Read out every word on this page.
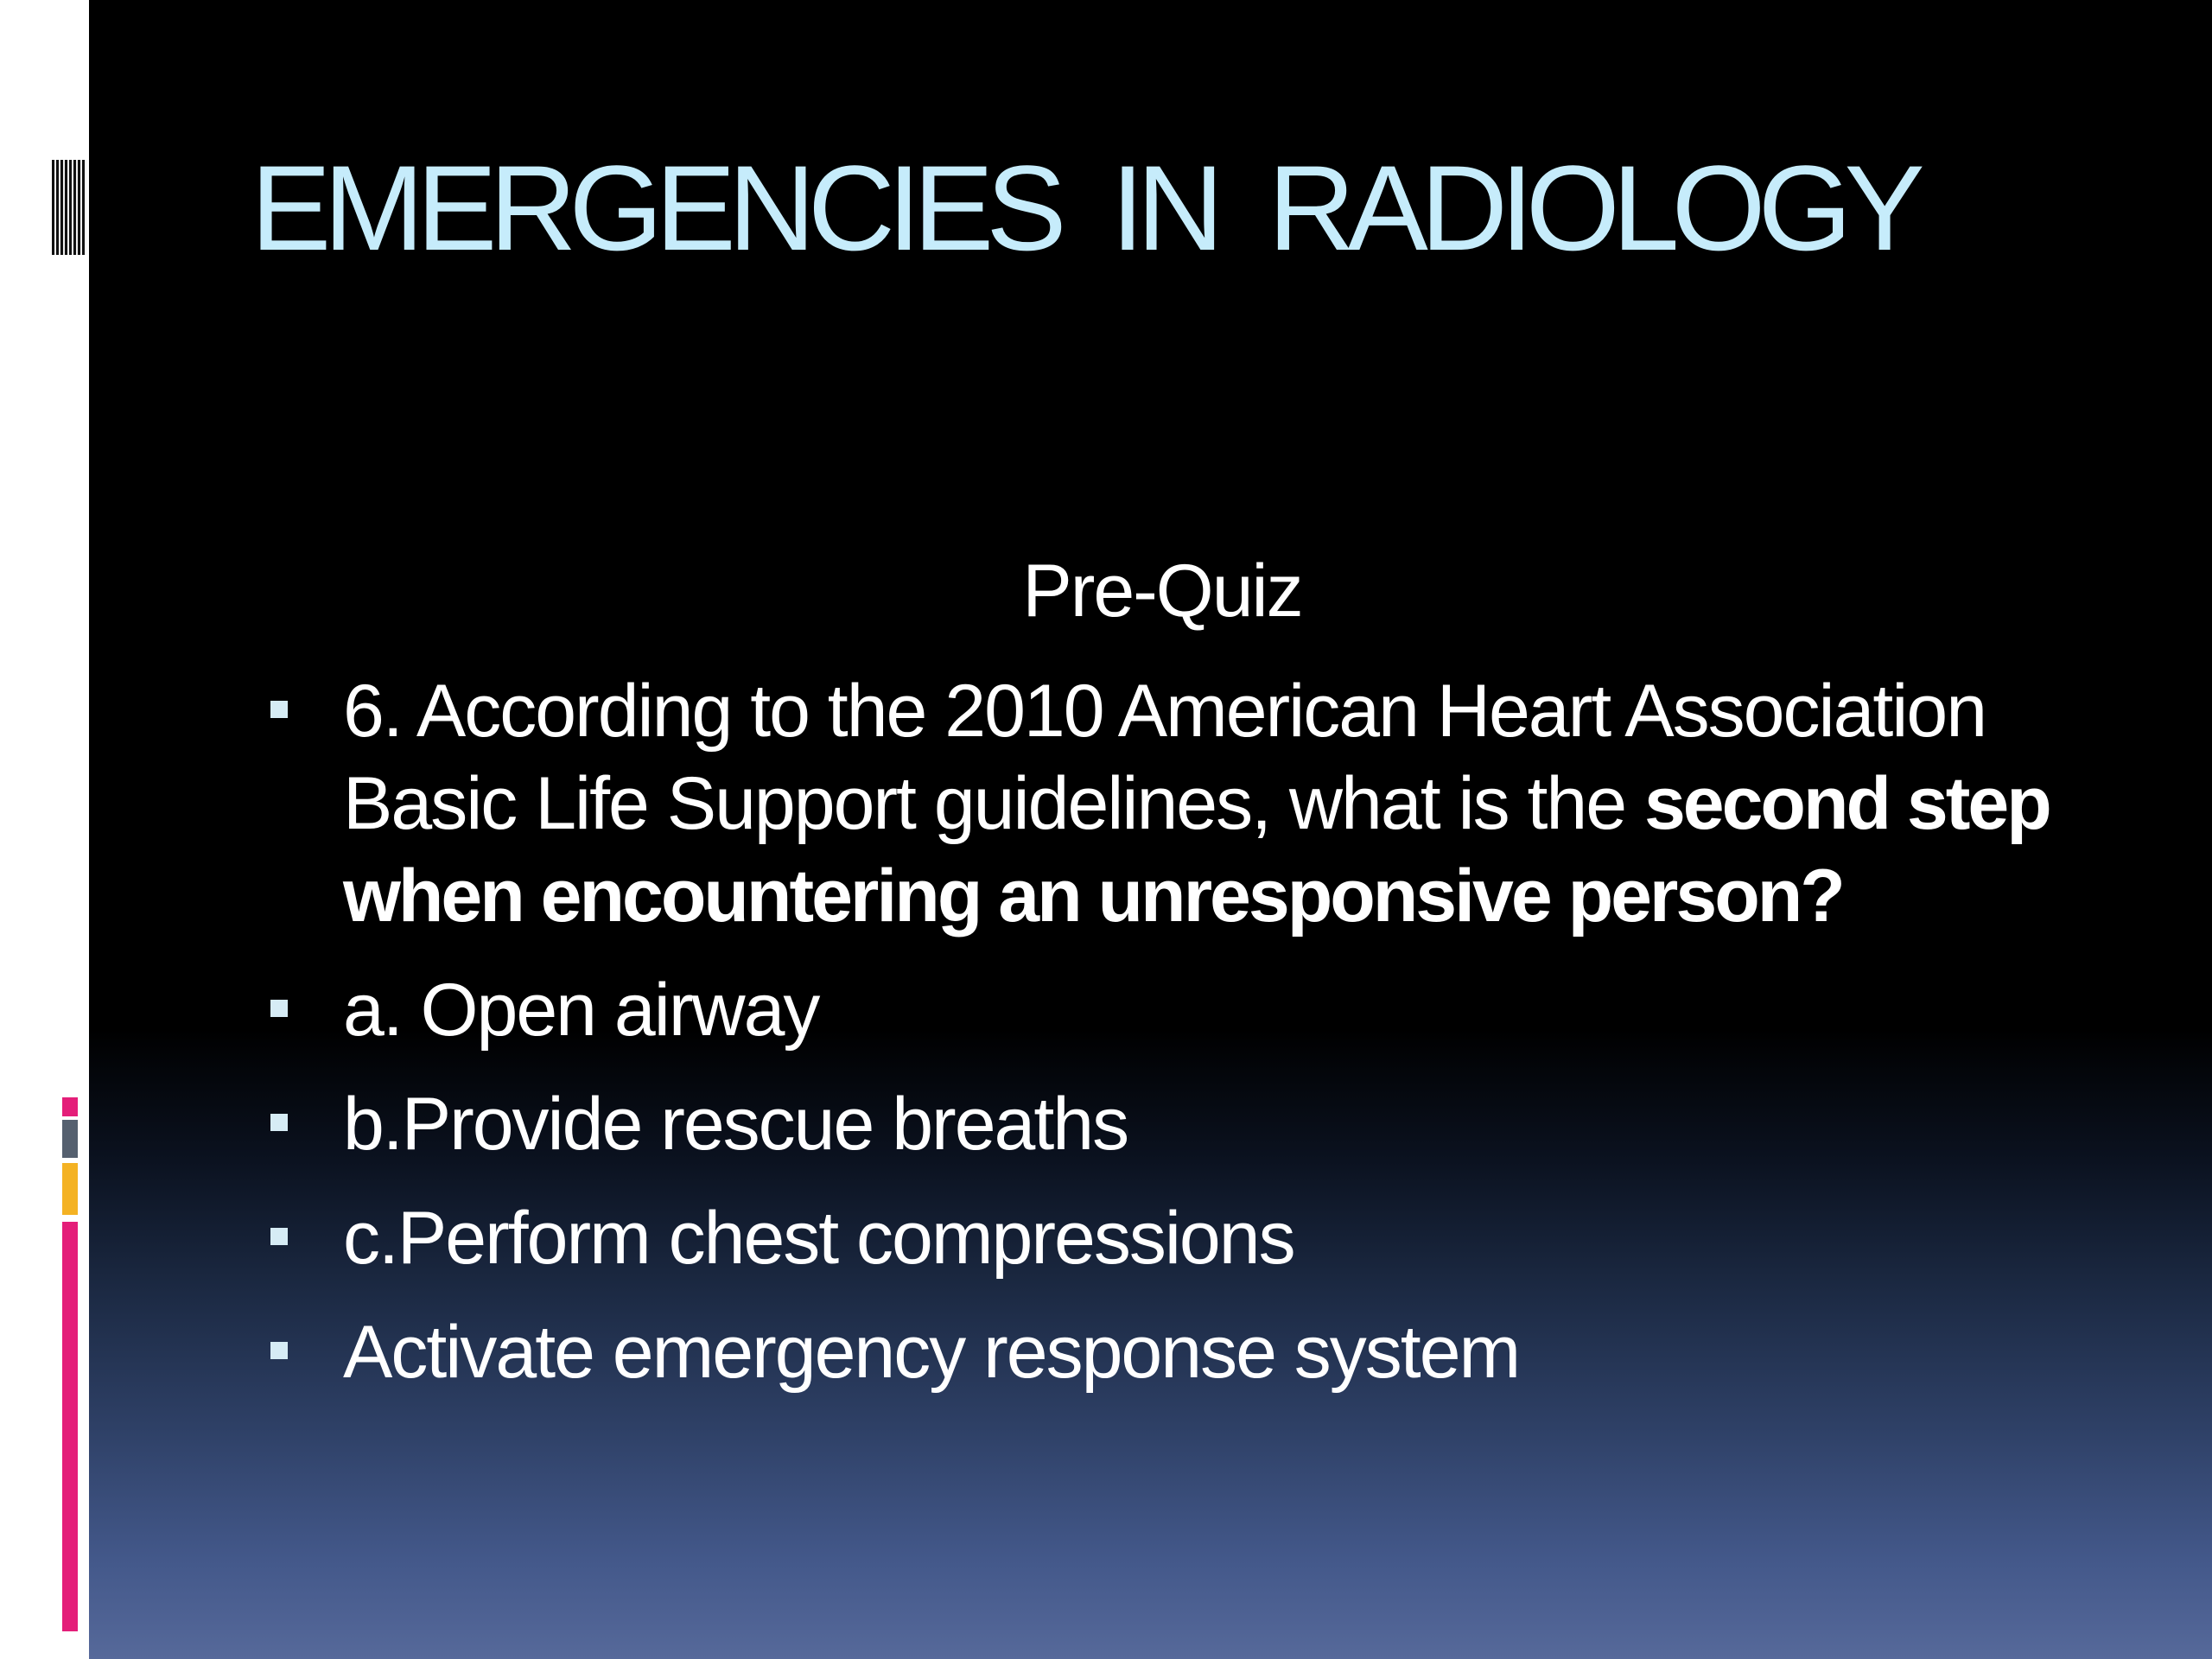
EMERGENCIES IN RADIOLOGY
Pre-Quiz
6. According to the 2010 American Heart Association Basic Life Support guidelines, what is the second step when encountering an unresponsive person?
a. Open airway
b.Provide rescue breaths
c.Perform chest compressions
Activate emergency response system
